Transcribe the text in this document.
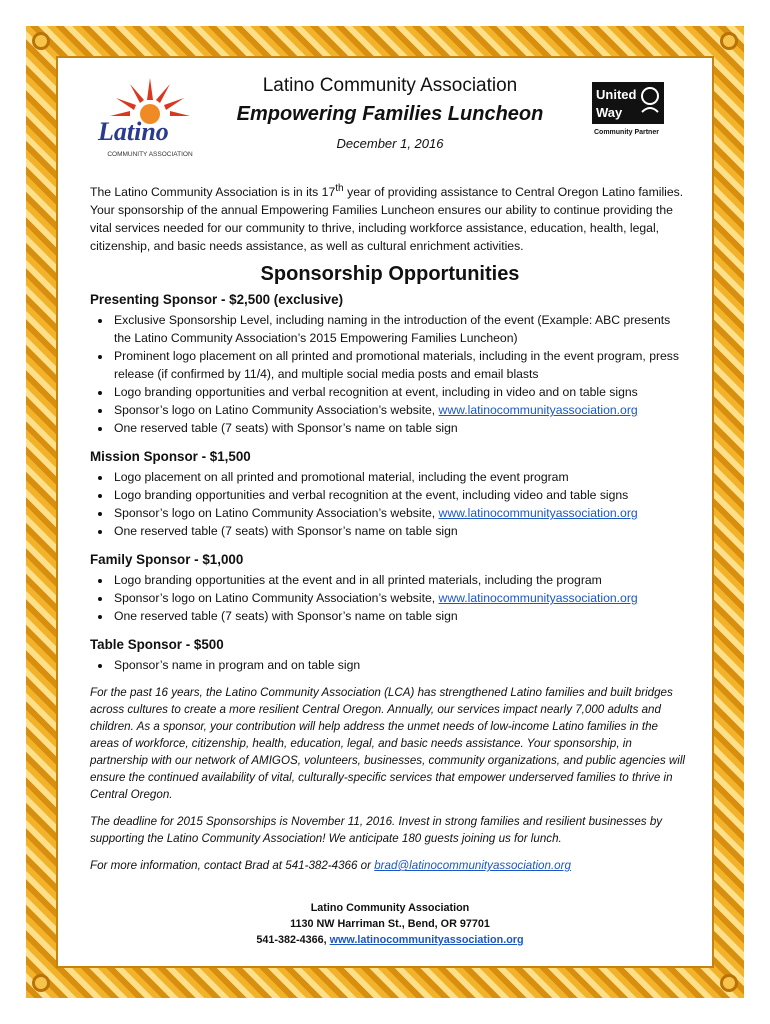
Latino
COMMUNITY ASSOCIATION
Latino Community Association
Empowering Families Luncheon
December 1, 2016
United
Way
Community Partner

The Latino Community Association is in its 17th year of providing assistance to Central Oregon Latino families. Your sponsorship of the annual Empowering Families Luncheon ensures our ability to continue providing the vital services needed for our community to thrive, including workforce assistance, education, health, legal, citizenship, and basic needs assistance, as well as cultural enrichment activities.

Sponsorship Opportunities
Presenting Sponsor - $2,500 (exclusive)
• Exclusive Sponsorship Level, including naming in the introduction of the event (Example: ABC presents the Latino Community Association’s 2015 Empowering Families Luncheon)
• Prominent logo placement on all printed and promotional materials, including in the event program, press release (if confirmed by 11/4), and multiple social media posts and email blasts
• Logo branding opportunities and verbal recognition at event, including in video and on table signs
• Sponsor’s logo on Latino Community Association’s website, www.latinocommunityassociation.org
• One reserved table (7 seats) with Sponsor’s name on table sign
Mission Sponsor - $1,500
• Logo placement on all printed and promotional material, including the event program
• Logo branding opportunities and verbal recognition at the event, including video and table signs
• Sponsor’s logo on Latino Community Association’s website, www.latinocommunityassociation.org
• One reserved table (7 seats) with Sponsor’s name on table sign
Family Sponsor - $1,000
• Logo branding opportunities at the event and in all printed materials, including the program
• Sponsor’s logo on Latino Community Association’s website, www.latinocommunityassociation.org
• One reserved table (7 seats) with Sponsor’s name on table sign
Table Sponsor - $500
• Sponsor’s name in program and on table sign

For the past 16 years, the Latino Community Association (LCA) has strengthened Latino families and built bridges across cultures to create a more resilient Central Oregon. Annually, our services impact nearly 7,000 adults and children. As a sponsor, your contribution will help address the unmet needs of low-income Latino families in the areas of workforce, citizenship, health, education, legal, and basic needs assistance. Your sponsorship, in partnership with our network of AMIGOS, volunteers, businesses, community organizations, and public agencies will ensure the continued availability of vital, culturally-specific services that empower underserved families to thrive in Central Oregon.

The deadline for 2015 Sponsorships is November 11, 2016. Invest in strong families and resilient businesses by supporting the Latino Community Association! We anticipate 180 guests joining us for lunch.

For more information, contact Brad at 541-382-4366 or brad@latinocommunityassociation.org

Latino Community Association
1130 NW Harriman St., Bend, OR 97701
541-382-4366, www.latinocommunityassociation.org
